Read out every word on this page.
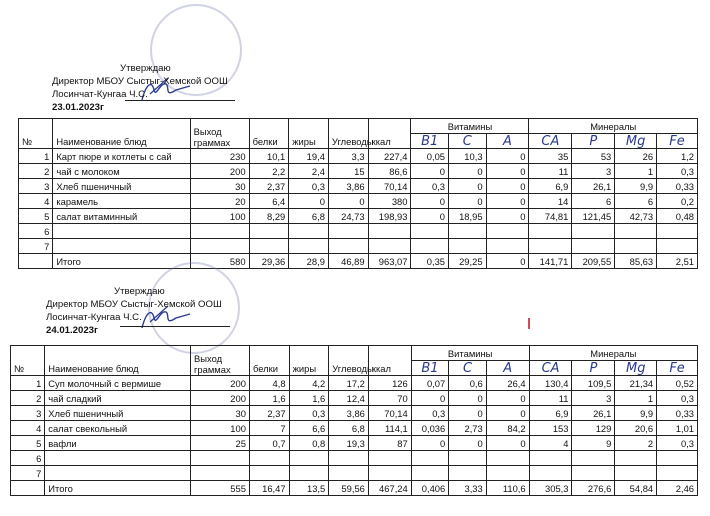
Утверждаю
Директор МБОУ Сыстыг-Хемской ООШ
Лосинчат-Кунгаа Ч.С.
23.01.2023г
№	Наименование блюд	Выход граммах	белки	жиры	Углеводы	ккал	Витамины			Минералы			
							B1	C	A	CA	P	Mg	Fe
1	Карт пюре и котлеты с сай	230	10,1	19,4	3,3	227,4	0,05	10,3	0	35	53	26	1,2
2	чай с молоком	200	2,2	2,4	15	86,6	0	0	0	11	3	1	0,3
3	Хлеб пшеничный	30	2,37	0,3	3,86	70,14	0,3	0	0	6,9	26,1	9,9	0,33
4	карамель	20	6,4	0	0	380	0	0	0	14	6	6	0,2
5	салат витаминный	100	8,29	6,8	24,73	198,93	0	18,95	0	74,81	121,45	42,73	0,48
6													
7													
	Итого	580	29,36	28,9	46,89	963,07	0,35	29,25	0	141,71	209,55	85,63	2,51
Утверждаю
Директор МБОУ Сыстыг-Хемской ООШ
Лосинчат-Кунгаа Ч.С.
24.01.2023г
№	Наименование блюд	Выход граммах	белки	жиры	Углеводы	ккал	Витамины			Минералы			
							B1	C	A	CA	P	Mg	Fe
1	Суп молочный с вермише	200	4,8	4,2	17,2	126	0,07	0,6	26,4	130,4	109,5	21,34	0,52
2	чай сладкий	200	1,6	1,6	12,4	70	0	0	0	11	3	1	0,3
3	Хлеб пшеничный	30	2,37	0,3	3,86	70,14	0,3	0	0	6,9	26,1	9,9	0,33
4	салат свекольный	100	7	6,6	6,8	114,1	0,036	2,73	84,2	153	129	20,6	1,01
5	вафли	25	0,7	0,8	19,3	87	0	0	0	4	9	2	0,3
6													
7													
	Итого	555	16,47	13,5	59,56	467,24	0,406	3,33	110,6	305,3	276,6	54,84	2,46
